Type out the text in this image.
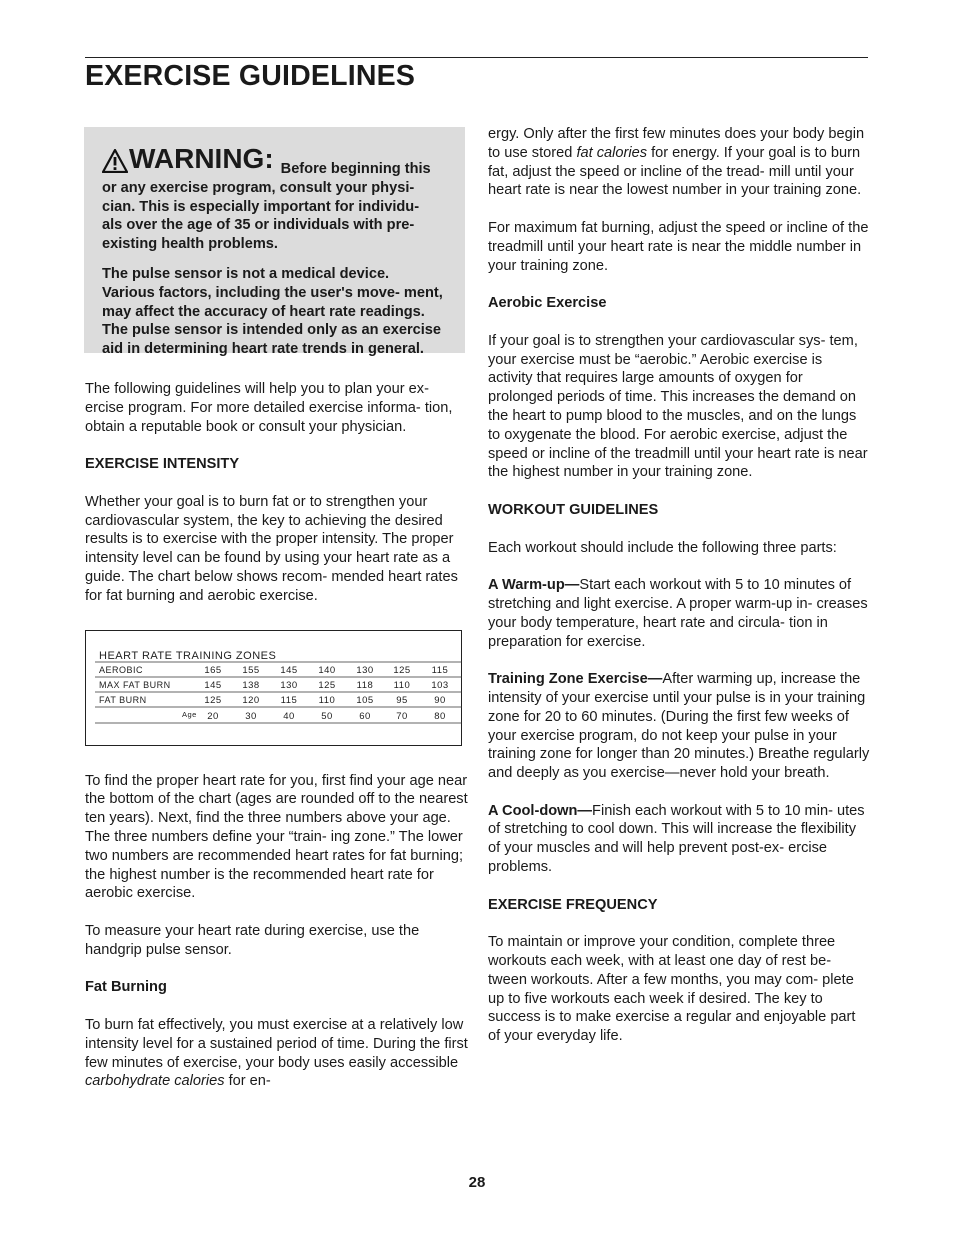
EXERCISE GUIDELINES

WARNING: Before beginning this or any exercise program, consult your physi- cian. This is especially important for individu- als over the age of 35 or individuals with pre- existing health problems.

The pulse sensor is not a medical device. Various factors, including the user's move- ment, may affect the accuracy of heart rate readings. The pulse sensor is intended only as an exercise aid in determining heart rate trends in general.

The following guidelines will help you to plan your ex- ercise program. For more detailed exercise informa- tion, obtain a reputable book or consult your physician.

EXERCISE INTENSITY

Whether your goal is to burn fat or to strengthen your cardiovascular system, the key to achieving the desired results is to exercise with the proper intensity. The proper intensity level can be found by using your heart rate as a guide. The chart below shows recom- mended heart rates for fat burning and aerobic exercise.

HEART RATE TRAINING ZONES
AEROBIC	165 155 145 140 130 125 115
MAX FAT BURN	145 138 130 125 118 110 103
FAT BURN	125 120 115 110 105 95	90
Age 20	30	40	50	60	70	80

To find the proper heart rate for you, first find your age near the bottom of the chart (ages are rounded off to the nearest ten years). Next, find the three numbers above your age. The three numbers define your “train- ing zone.” The lower two numbers are recommended heart rates for fat burning; the highest number is the recommended heart rate for aerobic exercise.

To measure your heart rate during exercise, use the handgrip pulse sensor.

Fat Burning

To burn fat effectively, you must exercise at a relatively low intensity level for a sustained period of time. During the first few minutes of exercise, your body uses easily accessible carbohydrate calories for en-

ergy. Only after the first few minutes does your body begin to use stored fat calories for energy. If your goal is to burn fat, adjust the speed or incline of the tread- mill until your heart rate is near the lowest number in your training zone.

For maximum fat burning, adjust the speed or incline of the treadmill until your heart rate is near the middle number in your training zone.

Aerobic Exercise

If your goal is to strengthen your cardiovascular sys- tem, your exercise must be “aerobic.” Aerobic exercise is activity that requires large amounts of oxygen for prolonged periods of time. This increases the demand on the heart to pump blood to the muscles, and on the lungs to oxygenate the blood. For aerobic exercise, adjust the speed or incline of the treadmill until your heart rate is near the highest number in your training zone.

WORKOUT GUIDELINES

Each workout should include the following three parts:

A Warm-up—Start each workout with 5 to 10 minutes of stretching and light exercise. A proper warm-up in- creases your body temperature, heart rate and circula- tion in preparation for exercise.

Training Zone Exercise—After warming up, increase the intensity of your exercise until your pulse is in your training zone for 20 to 60 minutes. (During the first few weeks of your exercise program, do not keep your pulse in your training zone for longer than 20 minutes.) Breathe regularly and deeply as you exercise—never hold your breath.

A Cool-down—Finish each workout with 5 to 10 min- utes of stretching to cool down. This will increase the flexibility of your muscles and will help prevent post-ex- ercise problems.

EXERCISE FREQUENCY

To maintain or improve your condition, complete three workouts each week, with at least one day of rest be- tween workouts. After a few months, you may com- plete up to five workouts each week if desired. The key to success is to make exercise a regular and enjoyable part of your everyday life.

28
